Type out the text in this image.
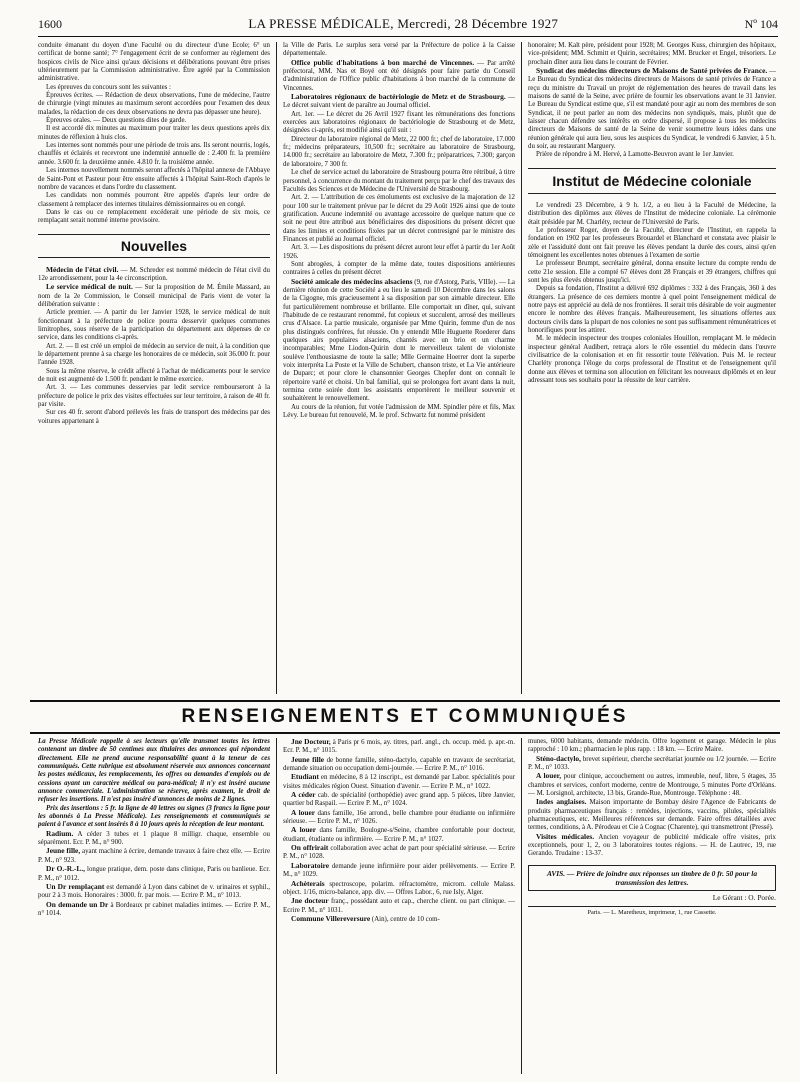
1600	LA PRESSE MÉDICALE, Mercredi, 28 Décembre 1927	Nº 104

conduite émanant du doyen d'une Faculté ou du directeur d'une École; 6° un certificat de bonne santé; 7° l'engagement écrit de se conformer au règlement des hospices civils de Nice ainsi qu'aux décisions et délibérations pouvant être prises ultérieurement par la Commission administrative. Être agréé par la Commission administrative.

Les épreuves du concours sont les suivantes :

Épreuves écrites. — Rédaction de deux observations, l'une de médecine, l'autre de chirurgie (vingt minutes au maximum seront accordées pour l'examen des deux malades, la rédaction de ces deux observations ne devra pas dépasser une heure).

Épreuves orales. — Deux questions dites de garde.

Il est accordé dix minutes au maximum pour traiter les deux questions après dix minutes de réflexion à huis clos.

Les internes sont nommés pour une période de trois ans. Ils seront nourris, logés, chauffés et éclairés et recevront une indemnité annuelle de : 2.400 fr. la première année. 3.600 fr. la deuxième année. 4.810 fr. la troisième année.

Les internes nouvellement nommés seront affectés à l'hôpital annexe de l'Abbaye de Saint-Pont et Pasteur pour être ensuite affectés à l'hôpital Saint-Roch d'après le nombre de vacances et dans l'ordre du classement.

Les candidats non nommés pourront être appelés d'après leur ordre de classement à remplacer des internes titulaires démissionnaires ou en congé.

Dans le cas ou ce remplacement excéderait une période de six mois, ce remplaçant serait nommé interne provisoire.

Nouvelles

Médecin de l'état civil. — M. Schreder est nommé médecin de l'état civil du 12e arrondissement, pour la 4e circonscription.

Le service médical de nuit. — Sur la proposition de M. Émile Massard, au nom de la 2e Commission, le Conseil municipal de Paris vient de voter la délibération suivante :

Article premier. — A partir du 1er Janvier 1928, le service médical de nuit fonctionnant à la préfecture de police pourra desservir quelques communes limitrophes, sous réserve de la participation du département aux dépenses de ce service, dans les conditions ci-après.

Art. 2. — Il est créé un emploi de médecin au service de nuit, à la condition que le département prenne à sa charge les honoraires de ce médecin, soit 36.000 fr. pour l'année 1928.

Sous la même réserve, le crédit affecté à l'achat de médicaments pour le service de nuit est augmenté de 1.500 fr. pendant le même exercice.

Art. 3. — Les communes desservies par ledit service rembourseront à la préfecture de police le prix des visites effectuées sur leur territoire, à raison de 40 fr. par visite.

Sur ces 40 fr. seront d'abord prélevés les frais de transport des médecins par des voitures appartenant à

la Ville de Paris. Le surplus sera versé par la Préfecture de police à la Caisse départementale.

Office public d'habitations à bon marché de Vincennes. — Par arrêté préfectoral, MM. Nas et Boyé ont été désignés pour faire partie du Conseil d'administration de l'Office public d'habitations à bon marché de la commune de Vincennes.

Laboratoires régionaux de bactériologie de Metz et de Strasbourg. — Le décret suivant vient de paraître au Journal officiel.

Art. 1er. — Le décret du 26 Avril 1927 fixant les rémunérations des fonctions exercées aux laboratoires régionaux de bactériologie de Strasbourg et de Metz, désignées ci-après, est modifié ainsi qu'il suit :

Directeur du laboratoire régional de Metz, 22 000 fr.; chef de laboratoire, 17.000 fr.; médecins préparateurs, 10,500 fr.; secrétaire au laboratoire de Strasbourg, 14.000 fr.; secrétaire au laboratoire de Metz, 7.300 fr.; préparatrices, 7.300; garçon de laboratoire, 7 300 fr.

Le chef de service actuel du laboratoire de Strasbourg pourra être rétribué, à titre personnel, à concurrence du montant du traitement perçu par le chef des travaux des Facultés des Sciences et de Médecine de l'Université de Strasbourg.

Art. 2. — L'attribution de ces émoluments est exclusive de la majoration de 12 pour 100 sur le traitement prévue par le décret du 29 Août 1926 ainsi que de toute gratification. Aucune indemnité ou avantage accessoire de quelque nature que ce soit ne peut être attribué aux bénéficiaires des dispositions du présent décret que dans les limites et conditions fixées par un décret contresigné par le ministre des Finances et publié au Journal officiel.

Art. 3. — Les dispositions du présent décret auront leur effet à partir du 1er Août 1926.

Sont abrogées, à compter de la même date, toutes dispositions antérieures contraires à celles du présent décret

Société amicale des médecins alsaciens (9, rue d'Astorg, Paris, VIIIe). — La dernière réunion de cette Société a eu lieu le samedi 10 Décembre dans les salons de la Cigogne, mis gracieusement à sa disposition par son aimable directeur. Elle fut particulièrement nombreuse et brillante. Elle comportait un dîner, qui, suivant l'habitude de ce restaurant renommé, fut copieux et succulent, arrosé des meilleurs crus d'Alsace. La partie musicale, organisée par Mme Quirin, femme d'un de nos plus distingués confrères, fut réussie. On y entendit Mlle Huguette Roederer dans quelques airs populaires alsaciens, chantés avec un brio et un charme incomparables; Mme Liodon-Quirin dont le merveilleux talent de violoniste soulève l'enthousiasme de toute la salle; Mlle Germaine Hoerrer dont la superbe voix interpréta La Poste et la Ville de Schubert, chanson triste, et La Vie antérieure de Duparc; et pour clore le chansonnier Georges Chepfer dont on connaît le répertoire varié et choisi. Un bal familial, qui se prolongea fort avant dans la nuit, termina cette soirée dont les assistants emportèrent le meilleur souvenir et souhaitèrent le renouvellement.

Au cours de la réunion, fut votée l'admission de MM. Spindler père et fils, Max Lévy. Le bureau fut renouvelé, M. le prof. Schwartz fut nommé président

honoraire; M. Kalt père, président pour 1928; M. Georges Kuss, chirurgien des hôpitaux, vice-président; MM. Schmitt et Quirin, secrétaires; MM. Brucker et Engel, trésoriers. Le prochain dîner aura lieu dans le courant de Février.

Syndicat des médecins directeurs de Maisons de Santé privées de France. — Le Bureau du Syndicat des médecins directeurs de Maisons de santé privées de France a reçu du ministre du Travail un projet de réglementation des heures de travail dans les maisons de santé de la Seine, avec prière de fournir les observations avant le 31 Janvier. Le Bureau du Syndicat estime que, s'il est mandaté pour agir au nom des membres de son Syndicat, il ne peut parler au nom des médecins non syndiqués, mais, plutôt que de laisser chacun défendre ses intérêts en ordre dispersé, il propose à tous les médecins directeurs de Maisons de santé de la Seine de venir soumettre leurs idées dans une réunion générale qui aura lieu, sous les auspices du Syndicat, le vendredi 6 Janvier, à 5 h. du soir, au restaurant Marguery.

Prière de répondre à M. Hervé, à Lamotte-Beuvron avant le 1er Janvier.

Institut de Médecine coloniale

Le vendredi 23 Décembre, à 9 h. 1/2, a eu lieu à la Faculté de Médecine, la distribution des diplômes aux élèves de l'Institut de médecine coloniale. La cérémonie était présidée par M. Charléty, recteur de l'Université de Paris.

Le professeur Roger, doyen de la Faculté, directeur de l'Institut, en rappela la fondation en 1902 par les professeurs Brouardel et Blanchard et constata avec plaisir le zèle et l'assiduité dont ont fait preuve les élèves pendant la durée des cours, ainsi qu'en témoignent les excellentes notes obtenues à l'examen de sortie

Le professeur Brumpt, secrétaire général, donna ensuite lecture du compte rendu de cette 21e session. Elle a compté 67 élèves dont 28 Français et 39 étrangers, chiffres qui sont les plus élevés obtenus jusqu'ici.

Depuis sa fondation, l'Institut a délivré 692 diplômes : 332 à des Français, 360 à des étrangers. La présence de ces derniers montre à quel point l'enseignement médical de notre pays est apprécié au delà de nos frontières. Il serait très désirable de voir augmenter encore le nombre des élèves français. Malheureusement, les situations offertes aux docteurs civils dans la plupart de nos colonies ne sont pas suffisamment rémunératrices et honorifiques pour les attirer.

M. le médecin inspecteur des troupes coloniales Houillon, remplaçant M. le médecin inspecteur général Audibert, retraça alors le rôle essentiel du médecin dans l'œuvre civilisatrice de la colonisation et en fit ressortir toute l'élévation. Puis M. le recteur Charléty prononça l'éloge du corps professoral de l'Institut et de l'enseignement qu'il donne aux élèves et termina son allocution en félicitant les nouveaux diplômés et en leur adressant tous ses souhaits pour la réussite de leur carrière.

RENSEIGNEMENTS ET COMMUNIQUÉS

La Presse Médicale rappelle à ses lecteurs qu'elle transmet toutes les lettres contenant un timbre de 50 centimes aux titulaires des annonces qui répondent directement. Elle ne prend aucune responsabilité quant à la teneur de ces communiqués. Cette rubrique est absolument réservée aux annonces concernant les postes médicaux, les remplacements, les offres ou demandes d'emplois ou de cessions ayant un caractère médical ou para-médical; il n'y est inséré aucune annonce commerciale. L'administration se réserve, après examen, le droit de refuser les insertions. Il n'est pas inséré d'annonces de moins de 2 lignes.

Prix des insertions : 5 fr. la ligne de 40 lettres ou signes (3 francs la ligne pour les abonnés à La Presse Médicale). Les renseignements et communiqués se paient à l'avance et sont insérés 8 à 10 jours après la réception de leur montant.

Radium. A céder 3 tubes et 1 plaque 8 milligr. chaque, ensemble ou séparément. Ecr. P. M., n° 900.

Jeune fille, ayant machine à écrire, demande travaux à faire chez elle. — Ecrire P. M., n° 923.

Dr O.-R.-L., longue pratique, dem. poste dans clinique, Paris ou banlieue. Ecr. P. M., n° 1012.

Un Dr remplaçant est demandé à Lyon dans cabinet de v. urinaires et syphil., pour 2 à 3 mois. Honoraires : 3000. fr. par mois. — Ecrire P. M., n° 1013.

On demande un Dr à Bordeaux pr cabinet maladies intimes. — Ecrire P. M., n° 1014.

Jne Docteur, à Paris pr 6 mois, ay. titres, parl. angl., ch. occup. méd. p. apr.-m. Ecr. P. M., n° 1015.

Jeune fille de bonne famille, sténo-dactylo, capable en travaux de secrétariat, demande situation ou occupation demi-journée. — Ecrire P. M., n° 1016.

Etudiant en médecine, 8 à 12 inscript., est demandé par Labor. spécialités pour visites médicales région Ouest. Situation d'avenir. — Ecrire P. M., n° 1022.

A céder cab. de spécialité (orthopédie) avec grand app. 5 pièces, libre Janvier, quartier bd Raspail. — Ecrire P. M., n° 1024.

A louer dans famille, 16e arrond., belle chambre pour étudiante ou infirmière sérieuse. — Ecrire P. M., n° 1026.

A louer dans famille, Boulogne-s/Seine, chambre confortable pour docteur, étudiant, étudiante ou infirmière. — Ecrire P. M., n° 1027.

On offrirait collaboration avec achat de part pour spécialité sérieuse. — Ecrire P. M., n° 1028.

Laboratoire demande jeune infirmière pour aider prélèvements. — Ecrire P. M., n° 1029.

Achèterais spectroscope, polarim. réfractomètre, microm. cellule Malass. object. 1/16, micro-balance, app. div. — Offres Labor., 6, rue Isly, Alger.

Jne docteur franç., possédant auto et cap., cherche client. ou part clinique. — Ecrire P. M., n° 1031.

Commune Villereversure (Ain), centre de 10 com-

munes, 6000 habitants, demande médecin. Offre logement et garage. Médecin le plus rapproché : 10 km.; pharmacien le plus rapp. : 18 km. — Ecrire Maire.

Sténo-dactylo, brevet supérieur, cherche secrétariat journée ou 1/2 journée. — Ecrire P. M., n° 1033.

A louer, pour clinique, accouchement ou autres, immeuble, neuf, libre, 5 étages, 35 chambres et services, confort moderne, centre de Montrouge, 5 minutes Porte d'Orléans. — M. Lorsignol, architecte, 13 bis, Grande-Rue, Montrouge. Téléphone : 48.

Indes anglaises. Maison importante de Bombay désire l'Agence de Fabricants de produits pharmaceutiques français : remèdes, injections, vaccins, pilules, spécialités pharmaceutiques, etc. Meilleures références sur demande. Faire offres détaillées avec termes, conditions, à A. Pérodeau et Cie à Cognac (Charente), qui transmettront (Pressé).

Visites médicales. Ancien voyageur de publicité médicale offre visites, prix exceptionnels, pour 1, 2, ou 3 laboratoires toutes régions. — H. de Lautrec, 19, rue Gerando. Trudaine : 13-37.

AVIS. — Prière de joindre aux réponses un timbre de 0 fr. 50 pour la transmission des lettres.
Le Gérant : O. Porée.
Paris. — L. Maretheux, imprimeur, 1, rue Cassette.
